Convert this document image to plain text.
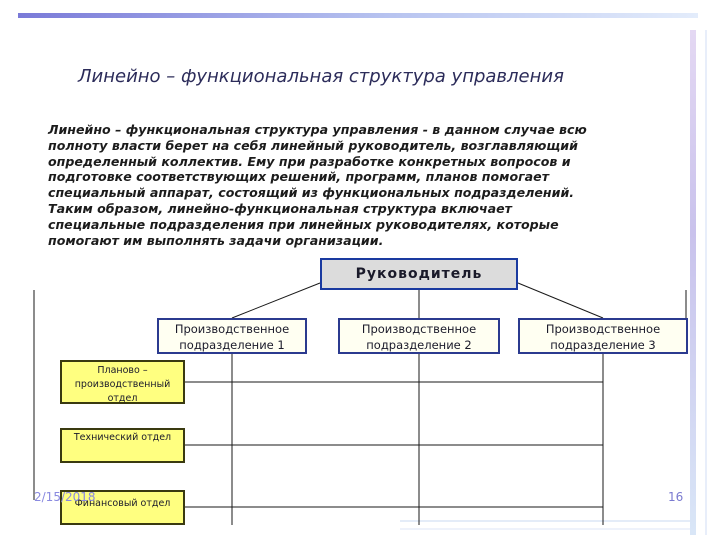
Линейно – функциональная структура управления

Линейно – функциональная структура управления - в данном случае всю
полноту власти берет на себя линейный руководитель, возглавляющий
определенный коллектив. Ему при разработке конкретных вопросов и
подготовке соответствующих решений, программ, планов помогает
специальный аппарат, состоящий из функциональных подразделений.
Таким образом, линейно-функциональная структура включает
специальные подразделения при линейных руководителях, которые
помогают им выполнять задачи организации.

Руководитель
Производственное подразделение 1
Производственное подразделение 2
Производственное подразделение 3
Планово – производственный отдел
Технический отдел
Финансовый отдел
2/15/2018	16
